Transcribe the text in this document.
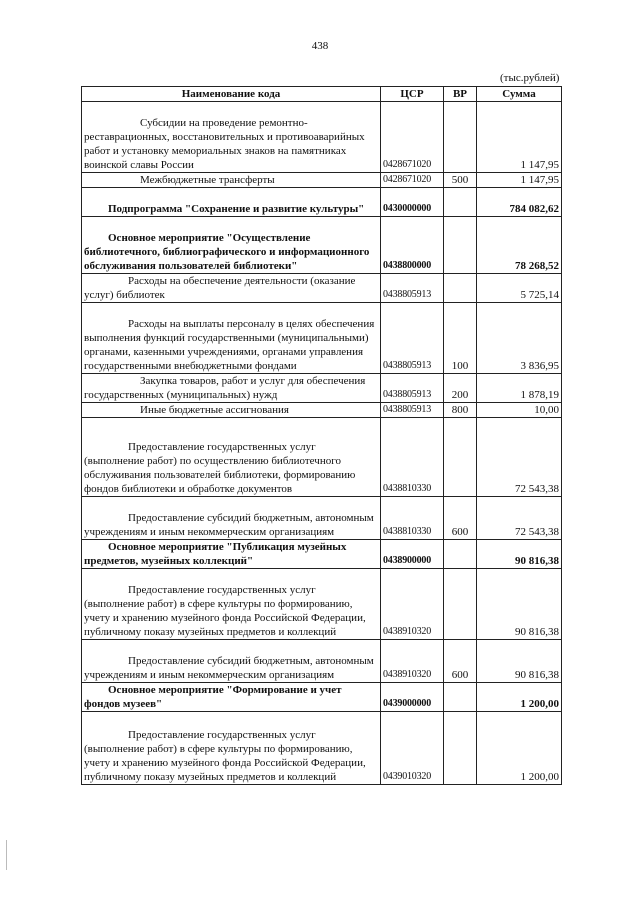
438
(тыс.рублей)
Наименование кода	ЦСР	ВР	Сумма
Субсидии на проведение ремонтно-реставрационных, восстановительных и противоаварийных работ и установку мемориальных знаков на памятниках воинской славы России	0428671020		1 147,95
Межбюджетные трансферты	0428671020	500	1 147,95
Подпрограмма "Сохранение и развитие культуры"	0430000000		784 082,62
Основное мероприятие "Осуществление библиотечного, библиографического и информационного обслуживания пользователей библиотеки"	0438800000		78 268,52
Расходы на обеспечение деятельности (оказание услуг) библиотек	0438805913		5 725,14
Расходы на выплаты персоналу в целях обеспечения выполнения функций государственными (муниципальными) органами, казенными учреждениями, органами управления государственными внебюджетными фондами	0438805913	100	3 836,95
Закупка товаров, работ и услуг для обеспечения государственных (муниципальных) нужд	0438805913	200	1 878,19
Иные бюджетные ассигнования	0438805913	800	10,00
Предоставление государственных услуг (выполнение работ) по осуществлению библиотечного обслуживания пользователей библиотеки, формированию фондов библиотеки и обработке документов	0438810330		72 543,38
Предоставление субсидий бюджетным, автономным учреждениям и иным некоммерческим организациям	0438810330	600	72 543,38
Основное мероприятие "Публикация музейных предметов, музейных коллекций"	0438900000		90 816,38
Предоставление государственных услуг (выполнение работ) в сфере культуры по формированию, учету и хранению музейного фонда Российской Федерации, публичному показу музейных предметов и коллекций	0438910320		90 816,38
Предоставление субсидий бюджетным, автономным учреждениям и иным некоммерческим организациям	0438910320	600	90 816,38
Основное мероприятие "Формирование и учет фондов музеев"	0439000000		1 200,00
Предоставление государственных услуг (выполнение работ) в сфере культуры по формированию, учету и хранению музейного фонда Российской Федерации, публичному показу музейных предметов и коллекций	0439010320		1 200,00
